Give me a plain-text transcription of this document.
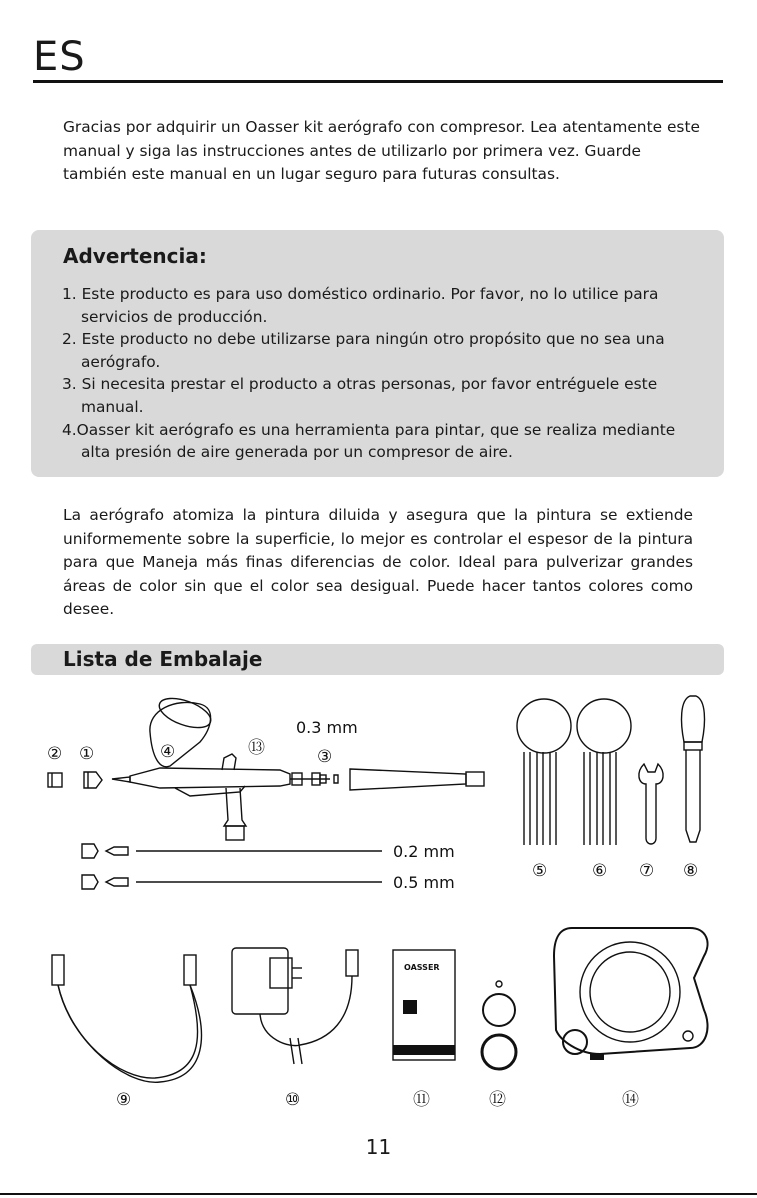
ES

Gracias por adquirir un Oasser kit aerógrafo con compresor. Lea atentamente este manual y siga las instrucciones antes de utilizarlo por primera vez. Guarde también este manual en un lugar seguro para futuras consultas.

Advertencia:
1. Este producto es para uso doméstico ordinario. Por favor, no lo utilice para servicios de producción.
2. Este producto no debe utilizarse para ningún otro propósito que no sea una aerógrafo.
3. Si necesita prestar el producto a otras personas, por favor entréguele este manual.
4.Oasser kit aerógrafo es una herramienta para pintar, que se realiza mediante alta presión de aire generada por un compresor de aire.

La aerógrafo atomiza la pintura diluida y asegura que la pintura se extiende uniformemente sobre la superficie, lo mejor es controlar el espesor de la pintura para que Maneja más finas diferencias de color. Ideal para pulverizar grandes áreas de color sin que el color sea desigual. Puede hacer tantos colores como desee.

Lista de Embalaje
0.3 mm
0.2 mm
0.5 mm
OASSER
①
②	③
④
⑤	⑥ ⑦ ⑧
⑨	⑩	⑪	⑫
⑬
⑭
11
